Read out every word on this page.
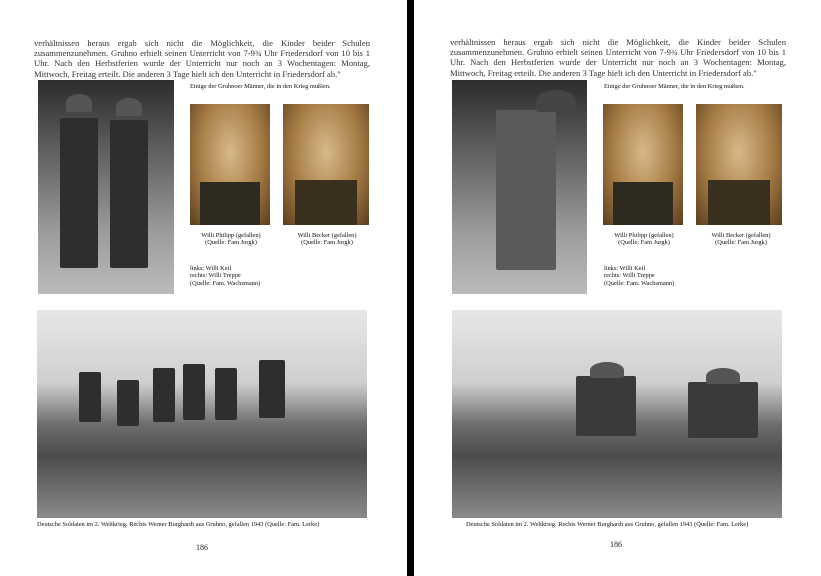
verhältnissen heraus ergab sich nicht die Möglichkeit, die Kinder beider Schulen zusammenzunehmen. Gruhno erhielt seinen Unterricht von 7-9¾ Uhr Friedersdorf von 10 bis 1 Uhr. Nach den Herbstferien wurde der Unterricht nur noch an 3 Wochentagen: Montag, Mittwoch, Freitag erteilt. Die anderen 3 Tage hielt ich den Unterricht in Friedersdorf ab."
Einige der Gruhnoer Männer, die in den Krieg mußten.
Willi Philipp (gefallen)
(Quelle: Fam Jurgk)
Willi Becker (gefallen)
(Quelle: Fam Jurgk)
links: Willi Keil
rechts: Willi Treppe
(Quelle: Fam. Wachsmann)
Deutsche Soldaten im 2. Weltkrieg. Rechts Werner Burghardt aus Gruhno, gefallen 1943 (Quelle: Fam. Lerke)
186
verhältnissen heraus ergab sich nicht die Möglichkeit, die Kinder beider Schulen zusammenzunehmen. Gruhno erhielt seinen Unterricht von 7-9¾ Uhr Friedersdorf von 10 bis 1 Uhr. Nach den Herbstferien wurde der Unterricht nur noch an 3 Wochentagen: Montag, Mittwoch, Freitag erteilt. Die anderen 3 Tage hielt ich den Unterricht in Friedersdorf ab."
Einige der Gruhnoer Männer, die in den Krieg mußten.
Willi Philipp (gefallen)
(Quelle: Fam Jurgk)
Willi Becker (gefallen)
(Quelle: Fam Jurgk)
links: Willi Keil
rechts: Willi Treppe
(Quelle: Fam. Wachsmann)
Deutsche Soldaten im 2. Weltkrieg. Rechts Werner Burghardt aus Gruhno, gefallen 1943 (Quelle: Fam. Lerke)
186
